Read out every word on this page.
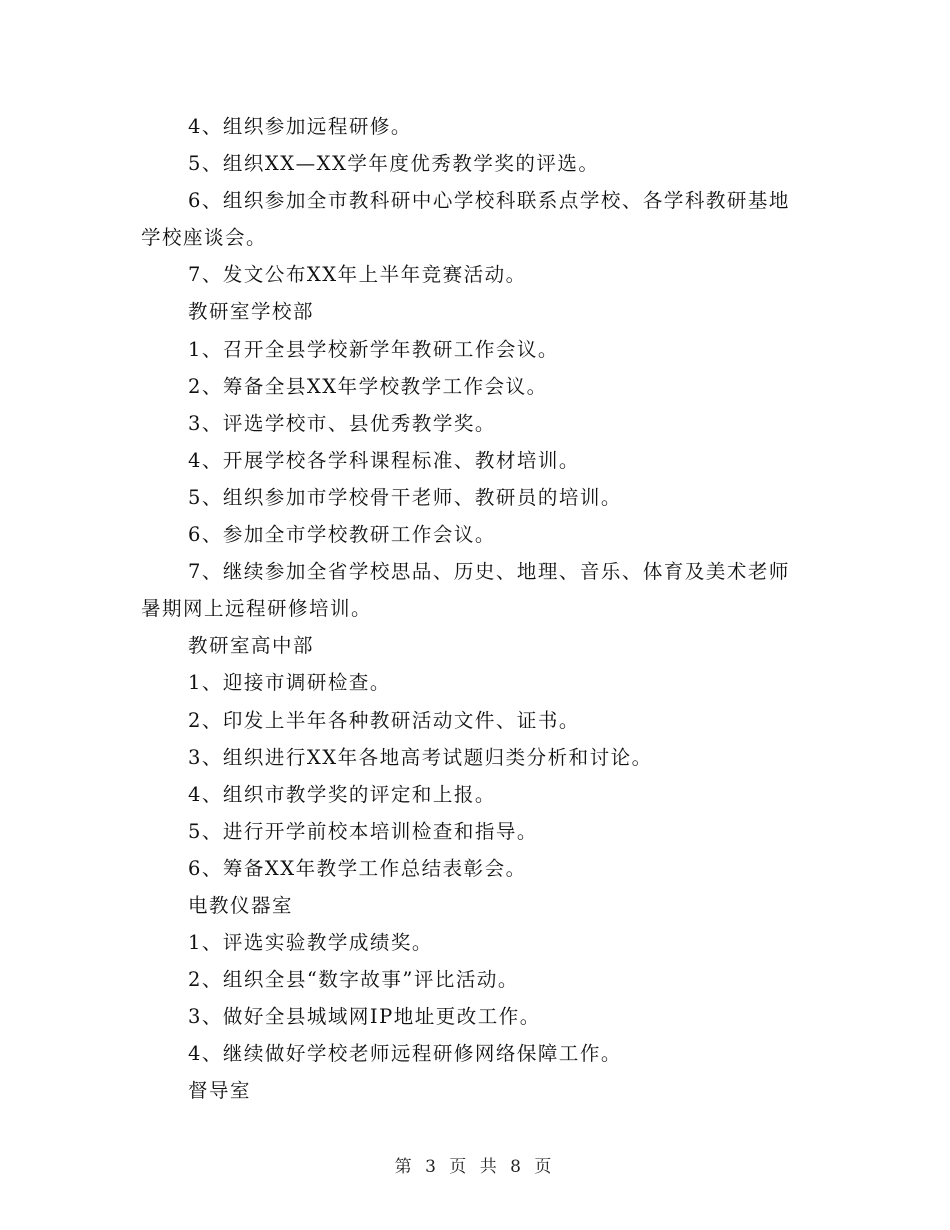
4、组织参加远程研修。
5、组织XX—XX学年度优秀教学奖的评选。
6、组织参加全市教科研中心学校科联系点学校、各学科教研基地
学校座谈会。
7、发文公布XX年上半年竞赛活动。
教研室学校部
1、召开全县学校新学年教研工作会议。
2、筹备全县XX年学校教学工作会议。
3、评选学校市、县优秀教学奖。
4、开展学校各学科课程标准、教材培训。
5、组织参加市学校骨干老师、教研员的培训。
6、参加全市学校教研工作会议。
7、继续参加全省学校思品、历史、地理、音乐、体育及美术老师
暑期网上远程研修培训。
教研室高中部
1、迎接市调研检查。
2、印发上半年各种教研活动文件、证书。
3、组织进行XX年各地高考试题归类分析和讨论。
4、组织市教学奖的评定和上报。
5、进行开学前校本培训检查和指导。
6、筹备XX年教学工作总结表彰会。
电教仪器室
1、评选实验教学成绩奖。
2、组织全县“数字故事”评比活动。
3、做好全县城域网IP地址更改工作。
4、继续做好学校老师远程研修网络保障工作。
督导室
第 3 页 共 8 页
